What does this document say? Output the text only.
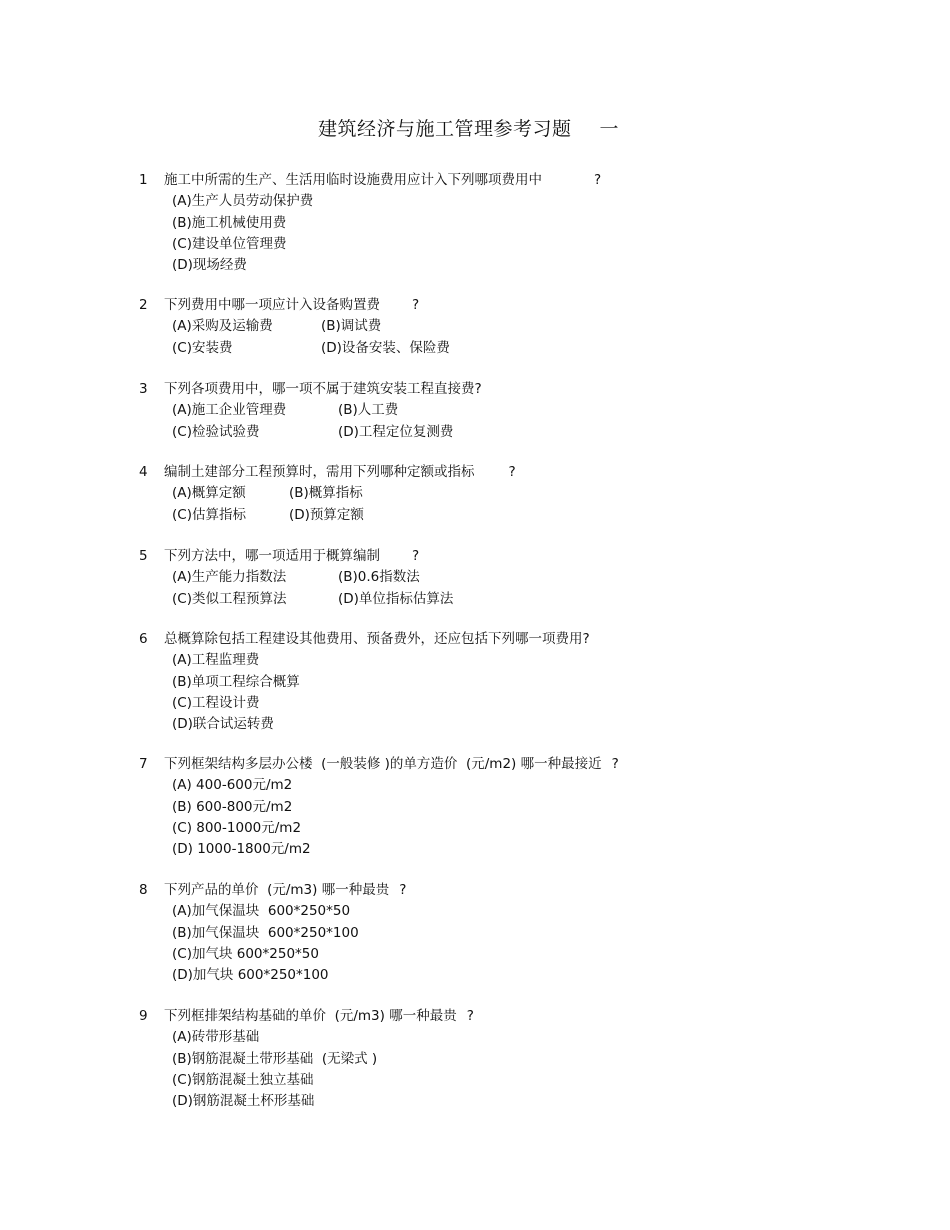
建筑经济与施工管理参考习题 一
1	施工中所需的生产、生活用临时设施费用应计入下列哪项费用中	?
(A)生产人员劳动保护费
(B)施工机械使用费
(C)建设单位管理费
(D)现场经费
2	下列费用中哪一项应计入设备购置费 ?
(A)采购及运输费	(B)调试费
(C)安装费	(D)设备安装、保险费
3	下列各项费用中，哪一项不属于建筑安装工程直接费?
(A)施工企业管理费	(B)人工费
(C)检验试验费	(D)工程定位复测费
4	编制土建部分工程预算时，需用下列哪种定额或指标	?
(A)概算定额	(B)概算指标
(C)估算指标	(D)预算定额
5	下列方法中，哪一项适用于概算编制 ?
(A)生产能力指数法	(B)0.6指数法
(C)类似工程预算法	(D)单位指标估算法
6	总概算除包括工程建设其他费用、预备费外，还应包括下列哪一项费用?
(A)工程监理费
(B)单项工程综合概算
(C)工程设计费
(D)联合试运转费
7	下列框架结构多层办公楼  (一般装修 )的单方造价  (元/m2) 哪一种最接近 ?
(A) 400-600元/m2
(B) 600-800元/m2
(C) 800-1000元/m2
(D) 1000-1800元/m2
8	下列产品的单价  (元/m3) 哪一种最贵 ?
(A)加气保温块  600*250*50
(B)加气保温块  600*250*100
(C)加气块 600*250*50
(D)加气块 600*250*100
9	下列框排架结构基础的单价  (元/m3) 哪一种最贵 ?
(A)砖带形基础
(B)钢筋混凝土带形基础  (无梁式 )
(C)钢筋混凝土独立基础
(D)钢筋混凝土杯形基础
